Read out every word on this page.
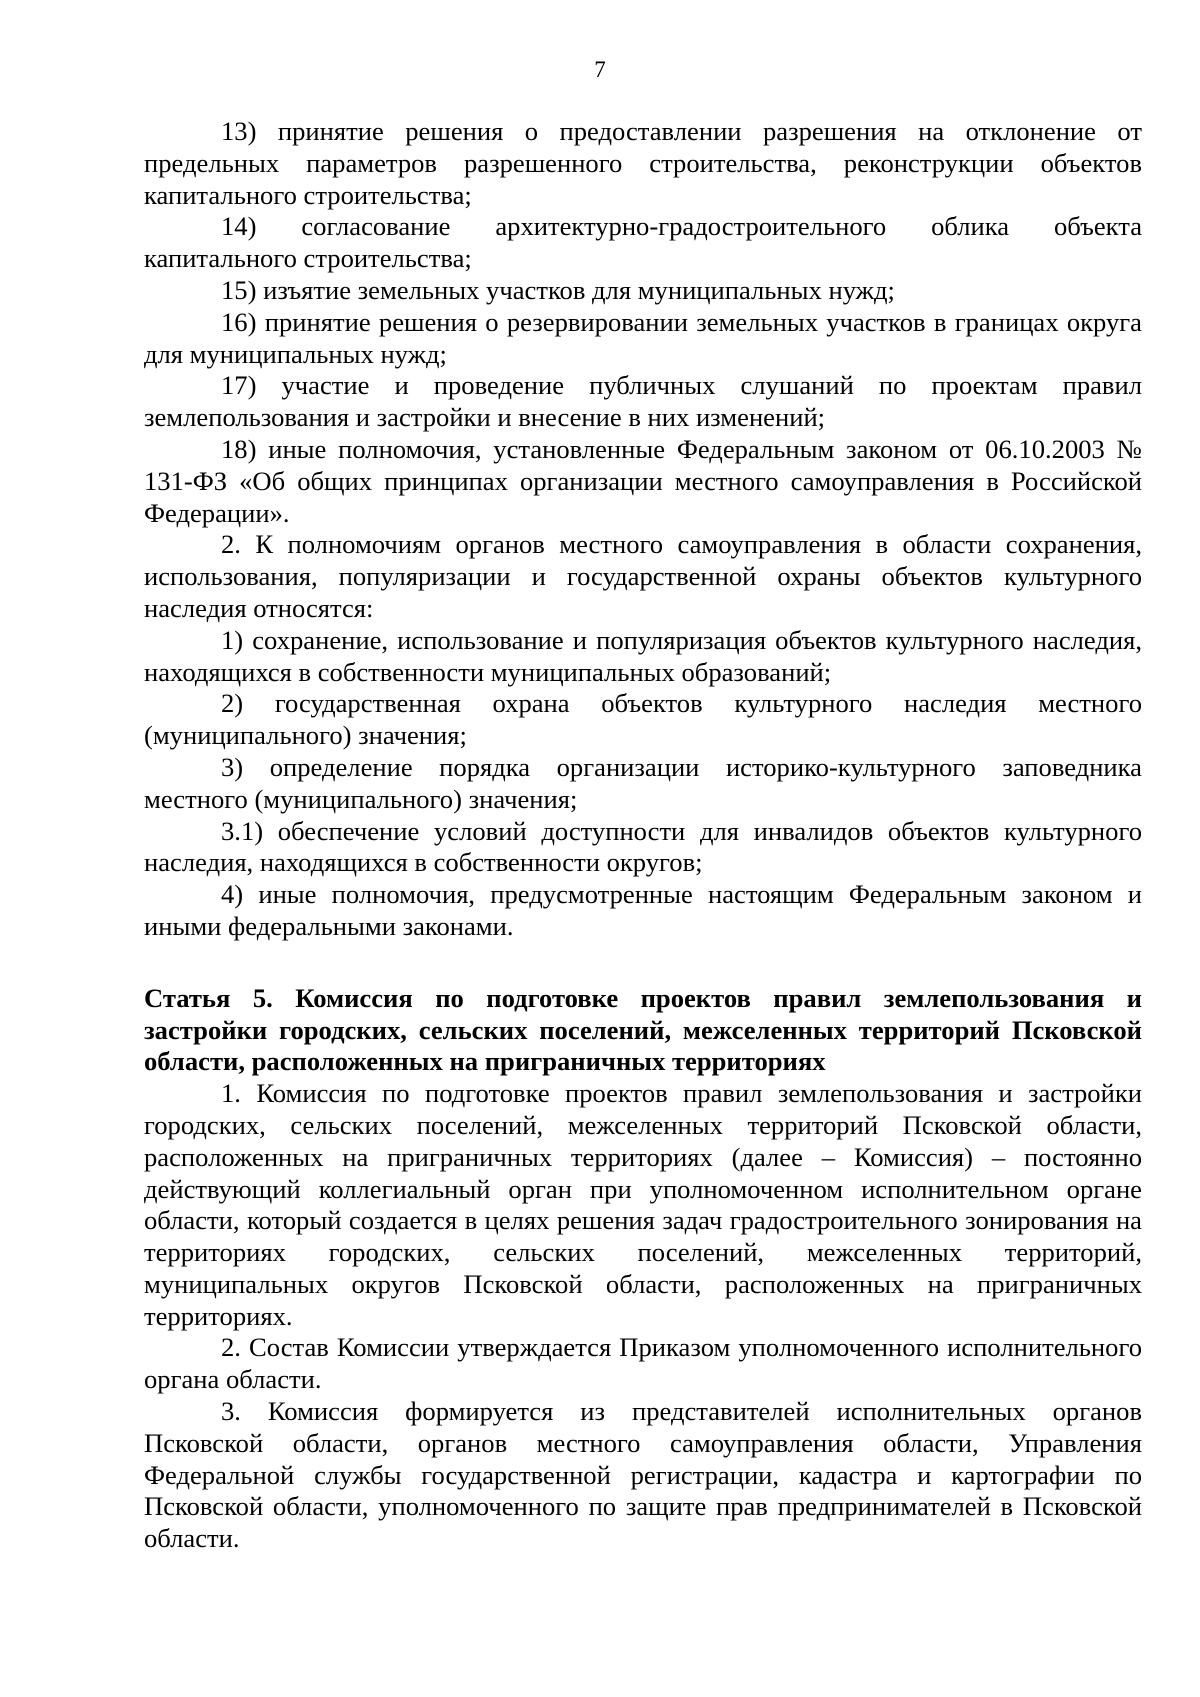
7

13) принятие решения о предоставлении разрешения на отклонение от предельных параметров разрешенного строительства, реконструкции объектов капитального строительства;

14) согласование архитектурно-градостроительного облика объекта капитального строительства;

15) изъятие земельных участков для муниципальных нужд;

16) принятие решения о резервировании земельных участков в границах округа для муниципальных нужд;

17) участие и проведение публичных слушаний по проектам правил землепользования и застройки и внесение в них изменений;

18) иные полномочия, установленные Федеральным законом от 06.10.2003 № 131-ФЗ «Об общих принципах организации местного самоуправления в Российской Федерации».

2. К полномочиям органов местного самоуправления в области сохранения, использования, популяризации и государственной охраны объектов культурного наследия относятся:

1) сохранение, использование и популяризация объектов культурного наследия, находящихся в собственности муниципальных образований;

2) государственная охрана объектов культурного наследия местного (муниципального) значения;

3) определение порядка организации историко-культурного заповедника местного (муниципального) значения;

3.1) обеспечение условий доступности для инвалидов объектов культурного наследия, находящихся в собственности округов;

4) иные полномочия, предусмотренные настоящим Федеральным законом и иными федеральными законами.

Статья 5. Комиссия по подготовке проектов правил землепользования и застройки городских, сельских поселений, межселенных территорий Псковской области, расположенных на приграничных территориях

1. Комиссия по подготовке проектов правил землепользования и застройки городских, сельских поселений, межселенных территорий Псковской области, расположенных на приграничных территориях (далее – Комиссия) – постоянно действующий коллегиальный орган при уполномоченном исполнительном органе области, который создается в целях решения задач градостроительного зонирования на территориях городских, сельских поселений, межселенных территорий, муниципальных округов Псковской области, расположенных на приграничных территориях.

2. Состав Комиссии утверждается Приказом уполномоченного исполнительного органа области.

3. Комиссия формируется из представителей исполнительных органов Псковской области, органов местного самоуправления области, Управления Федеральной службы государственной регистрации, кадастра и картографии по Псковской области, уполномоченного по защите прав предпринимателей в Псковской области.
